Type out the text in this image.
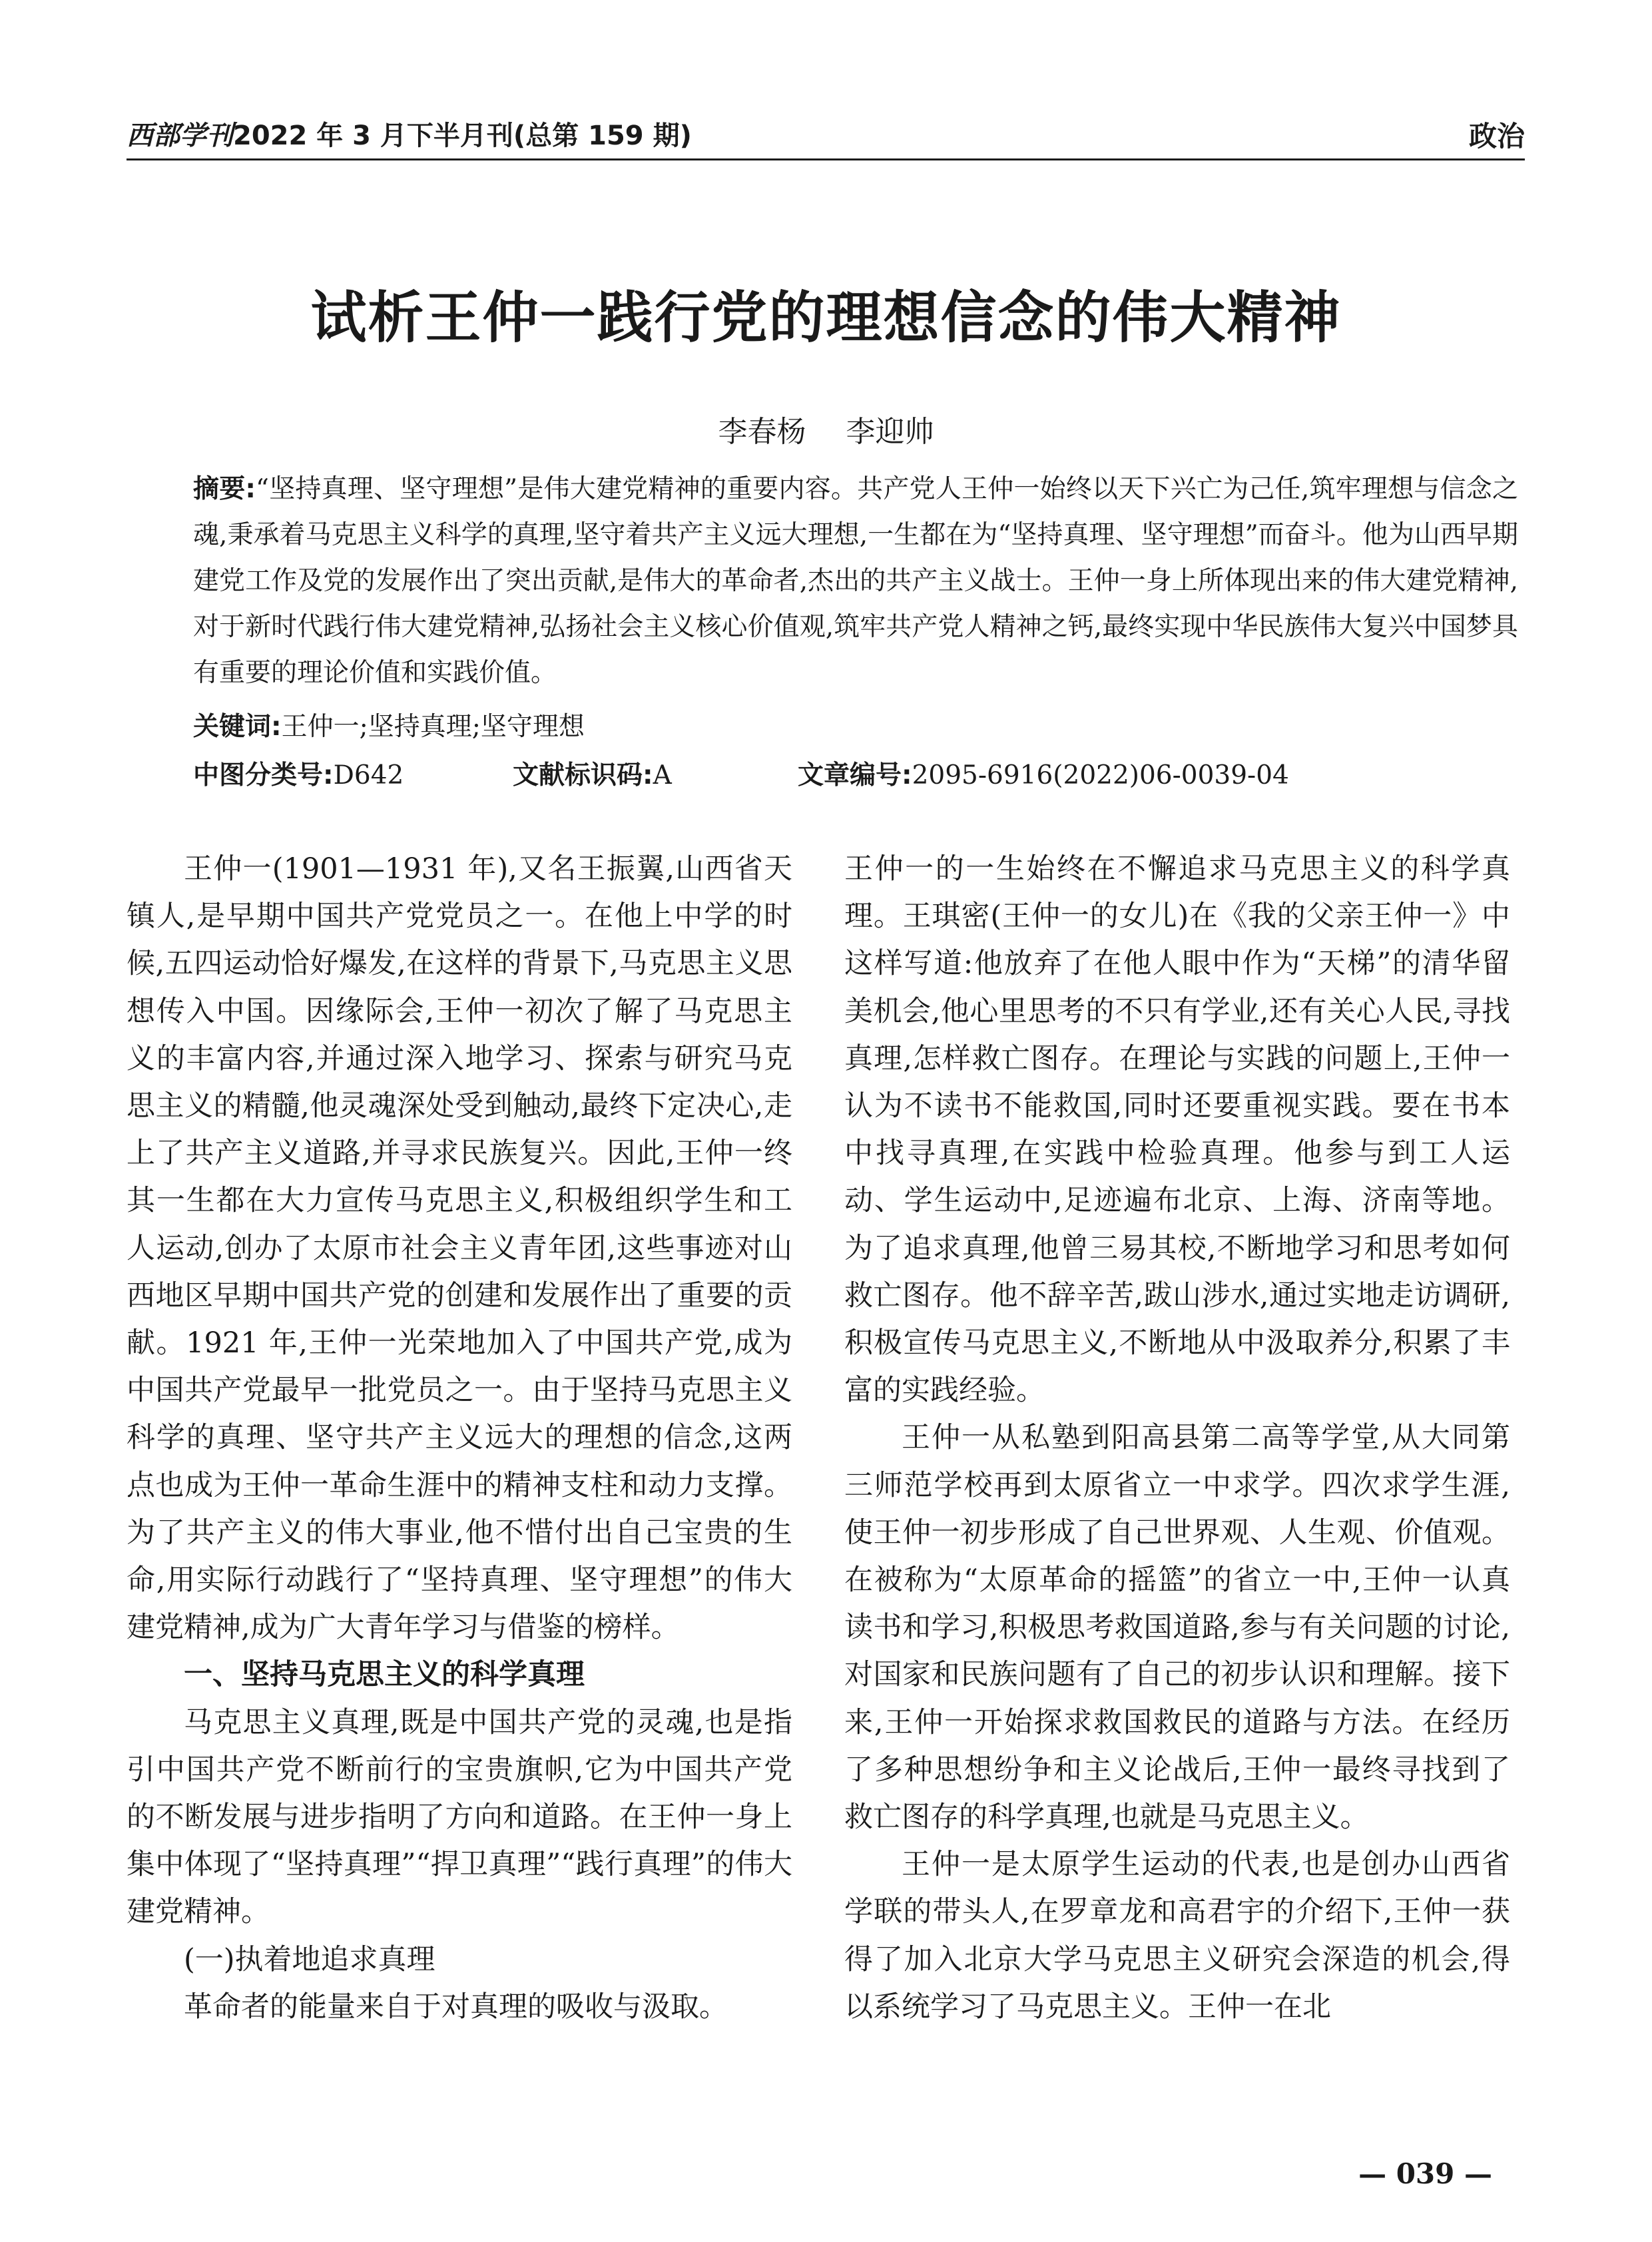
西部学刊2022 年 3 月下半月刊(总第 159 期)	政治
试析王仲一践行党的理想信念的伟大精神
李春杨 李迎帅
摘要:“坚持真理、坚守理想”是伟大建党精神的重要内容。共产党人王仲一始终以天下兴亡为己任,筑牢理想与信念之魂,秉承着马克思主义科学的真理,坚守着共产主义远大理想,一生都在为“坚持真理、坚守理想”而奋斗。他为山西早期建党工作及党的发展作出了突出贡献,是伟大的革命者,杰出的共产主义战士。王仲一身上所体现出来的伟大建党精神,对于新时代践行伟大建党精神,弘扬社会主义核心价值观,筑牢共产党人精神之钙,最终实现中华民族伟大复兴中国梦具有重要的理论价值和实践价值。
关键词:王仲一;坚持真理;坚守理想
中图分类号:D642	文献标识码:A	文章编号:2095-6916(2022)06-0039-04

王仲一(1901—1931 年),又名王振翼,山西省天镇人,是早期中国共产党党员之一。在他上中学的时候,五四运动恰好爆发,在这样的背景下,马克思主义思想传入中国。因缘际会,王仲一初次了解了马克思主义的丰富内容,并通过深入地学习、探索与研究马克思主义的精髓,他灵魂深处受到触动,最终下定决心,走上了共产主义道路,并寻求民族复兴。因此,王仲一终其一生都在大力宣传马克思主义,积极组织学生和工人运动,创办了太原市社会主义青年团,这些事迹对山西地区早期中国共产党的创建和发展作出了重要的贡献。1921 年,王仲一光荣地加入了中国共产党,成为中国共产党最早一批党员之一。由于坚持马克思主义科学的真理、坚守共产主义远大的理想的信念,这两点也成为王仲一革命生涯中的精神支柱和动力支撑。为了共产主义的伟大事业,他不惜付出自己宝贵的生命,用实际行动践行了“坚持真理、坚守理想”的伟大建党精神,成为广大青年学习与借鉴的榜样。

一、坚持马克思主义的科学真理

马克思主义真理,既是中国共产党的灵魂,也是指引中国共产党不断前行的宝贵旗帜,它为中国共产党的不断发展与进步指明了方向和道路。在王仲一身上集中体现了“坚持真理”“捍卫真理”“践行真理”的伟大建党精神。

(一)执着地追求真理

革命者的能量来自于对真理的吸收与汲取。

王仲一的一生始终在不懈追求马克思主义的科学真理。王琪密(王仲一的女儿)在《我的父亲王仲一》中这样写道:他放弃了在他人眼中作为“天梯”的清华留美机会,他心里思考的不只有学业,还有关心人民,寻找真理,怎样救亡图存。在理论与实践的问题上,王仲一认为不读书不能救国,同时还要重视实践。要在书本中找寻真理,在实践中检验真理。他参与到工人运动、学生运动中,足迹遍布北京、上海、济南等地。为了追求真理,他曾三易其校,不断地学习和思考如何救亡图存。他不辞辛苦,跋山涉水,通过实地走访调研,积极宣传马克思主义,不断地从中汲取养分,积累了丰富的实践经验。

王仲一从私塾到阳高县第二高等学堂,从大同第三师范学校再到太原省立一中求学。四次求学生涯,使王仲一初步形成了自己世界观、人生观、价值观。在被称为“太原革命的摇篮”的省立一中,王仲一认真读书和学习,积极思考救国道路,参与有关问题的讨论,对国家和民族问题有了自己的初步认识和理解。接下来,王仲一开始探求救国救民的道路与方法。在经历了多种思想纷争和主义论战后,王仲一最终寻找到了救亡图存的科学真理,也就是马克思主义。

王仲一是太原学生运动的代表,也是创办山西省学联的带头人,在罗章龙和高君宇的介绍下,王仲一获得了加入北京大学马克思主义研究会深造的机会,得以系统学习了马克思主义。王仲一在北

— 039 —
